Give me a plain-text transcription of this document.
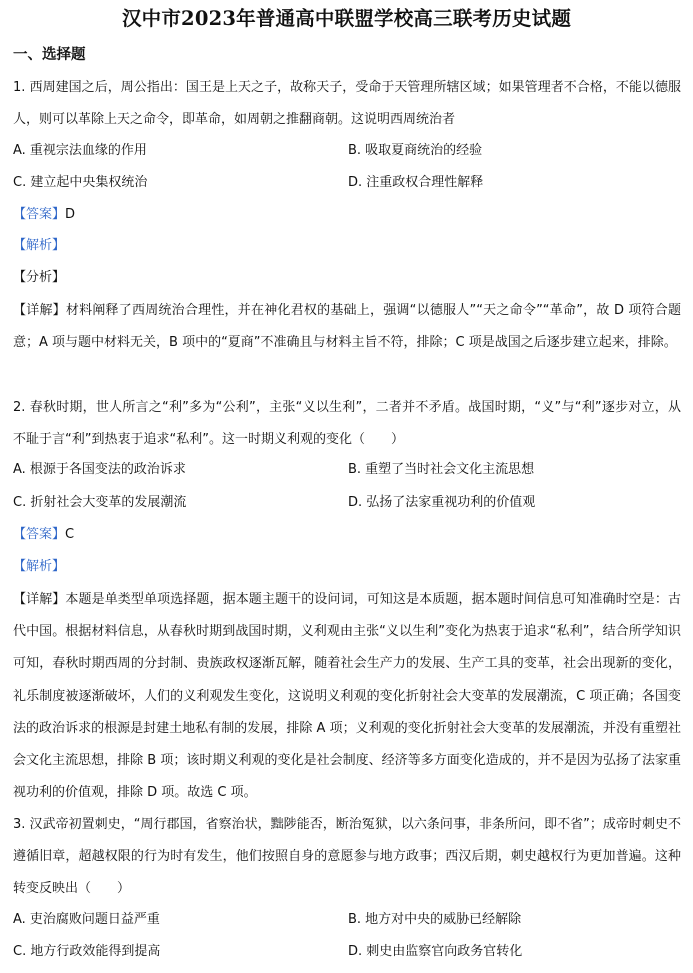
汉中市2023年普通高中联盟学校高三联考历史试题
一、选择题
1. 西周建国之后，周公指出：国王是上天之子，故称天子，受命于天管理所辖区域；如果管理者不合格，不能以德服人，则可以革除上天之命令，即革命，如周朝之推翻商朝。这说明西周统治者
A. 重视宗法血缘的作用	B. 吸取夏商统治的经验
C. 建立起中央集权统治	D. 注重政权合理性解释
【答案】D
【解析】
【分析】
【详解】材料阐释了西周统治合理性，并在神化君权的基础上，强调“以德服人”“天之命令”“革命”，故 D 项符合题意；A 项与题中材料无关，B 项中的“夏商”不准确且与材料主旨不符，排除；C 项是战国之后逐步建立起来，排除。
2. 春秋时期，世人所言之“利”多为“公利”，主张“义以生利”，二者并不矛盾。战国时期，“义”与“利”逐步对立，从不耻于言“利”到热衷于追求“私利”。这一时期义利观的变化（　　）
A. 根源于各国变法的政治诉求	B. 重塑了当时社会文化主流思想
C. 折射社会大变革的发展潮流	D. 弘扬了法家重视功利的价值观
【答案】C
【解析】
【详解】本题是单类型单项选择题，据本题主题干的设问词，可知这是本质题，据本题时间信息可知准确时空是：古代中国。根据材料信息，从春秋时期到战国时期，义利观由主张“义以生利”变化为热衷于追求“私利”，结合所学知识可知，春秋时期西周的分封制、贵族政权逐渐瓦解，随着社会生产力的发展、生产工具的变革，社会出现新的变化，礼乐制度被逐渐破坏，人们的义利观发生变化，这说明义利观的变化折射社会大变革的发展潮流，C 项正确；各国变法的政治诉求的根源是封建土地私有制的发展，排除 A 项；义利观的变化折射社会大变革的发展潮流，并没有重塑社会文化主流思想，排除 B 项；该时期义利观的变化是社会制度、经济等多方面变化造成的，并不是因为弘扬了法家重视功利的价值观，排除 D 项。故选 C 项。
3. 汉武帝初置刺史，“周行郡国，省察治状，黜陟能否，断治冤狱，以六条问事，非条所问，即不省”；成帝时刺史不遵循旧章，超越权限的行为时有发生，他们按照自身的意愿参与地方政事；西汉后期，刺史越权行为更加普遍。这种转变反映出（　　）
A. 吏治腐败问题日益严重	B. 地方对中央的威胁已经解除
C. 地方行政效能得到提高	D. 刺史由监察官向政务官转化
